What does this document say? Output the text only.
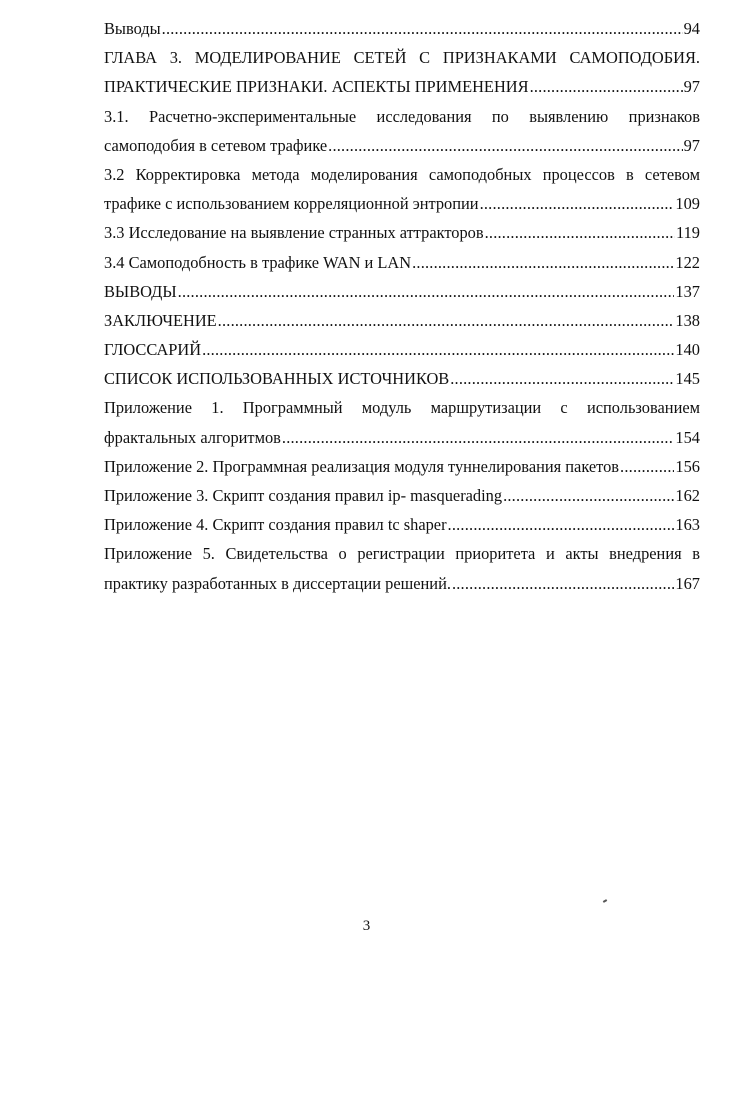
Выводы .....	94
ГЛАВА 3. МОДЕЛИРОВАНИЕ СЕТЕЙ С ПРИЗНАКАМИ САМОПОДОБИЯ.
ПРАКТИЧЕСКИЕ ПРИЗНАКИ. АСПЕКТЫ ПРИМЕНЕНИЯ .....	97
3.1. Расчетно-экспериментальные исследования по выявлению признаков
самоподобия в сетевом трафике .....	97
3.2 Корректировка метода моделирования самоподобных процессов в сетевом
трафике с использованием корреляционной энтропии .....	109
3.3 Исследование на выявление странных аттракторов .....	119
3.4 Самоподобность в трафике WAN и LAN .....	122
ВЫВОДЫ .....	137
ЗАКЛЮЧЕНИЕ .....	138
ГЛОССАРИЙ .....	140
СПИСОК ИСПОЛЬЗОВАННЫХ ИСТОЧНИКОВ .....	145
Приложение 1. Программный модуль маршрутизации с использованием
фрактальных алгоритмов .....	154
Приложение 2. Программная реализация модуля туннелирования пакетов .....	156
Приложение 3. Скрипт создания правил ip- masquerading .....	162
Приложение 4. Скрипт создания правил tc shaper .....	163
Приложение 5. Свидетельства о регистрации приоритета и акты внедрения в
практику разработанных в диссертации решений. .....	167
3
